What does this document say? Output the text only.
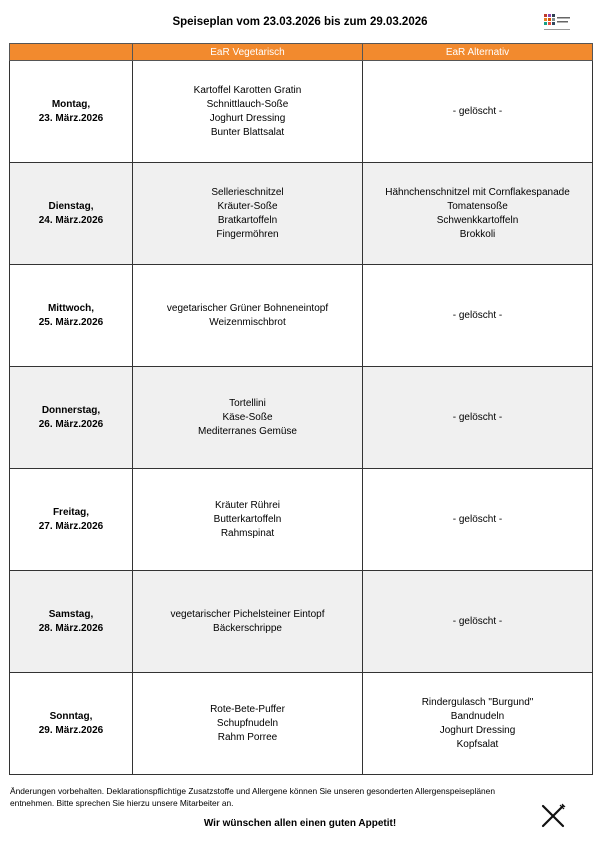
Speiseplan vom 23.03.2026 bis zum 29.03.2026
	EaR Vegetarisch	EaR Alternativ

Montag,
23. März.2026	Kartoffel Karotten Gratin
Schnittlauch-Soße
Joghurt Dressing
Bunter Blattsalat	- gelöscht -

Dienstag,
24. März.2026	Sellerieschnitzel
Kräuter-Soße
Bratkartoffeln
Fingermöhren	Hähnchenschnitzel mit Cornflakespanade
Tomatensoße
Schwenkkartoffeln
Brokkoli

Mittwoch,
25. März.2026	vegetarischer Grüner Bohneneintopf
Weizenmischbrot	- gelöscht -

Donnerstag,
26. März.2026	Tortellini
Käse-Soße
Mediterranes Gemüse	- gelöscht -

Freitag,
27. März.2026	Kräuter Rührei
Butterkartoffeln
Rahmspinat	- gelöscht -

Samstag,
28. März.2026	vegetarischer Pichelsteiner Eintopf
Bäckerschrippe	- gelöscht -

Sonntag,
29. März.2026	Rote-Bete-Puffer
Schupfnudeln
Rahm Porree	Rindergulasch "Burgund"
Bandnudeln
Joghurt Dressing
Kopfsalat
Änderungen vorbehalten. Deklarationspflichtige Zusatzstoffe und Allergene können Sie unseren gesonderten Allergenspeiseplänen entnehmen. Bitte sprechen Sie hierzu unsere Mitarbeiter an.
Wir wünschen allen einen guten Appetit!
